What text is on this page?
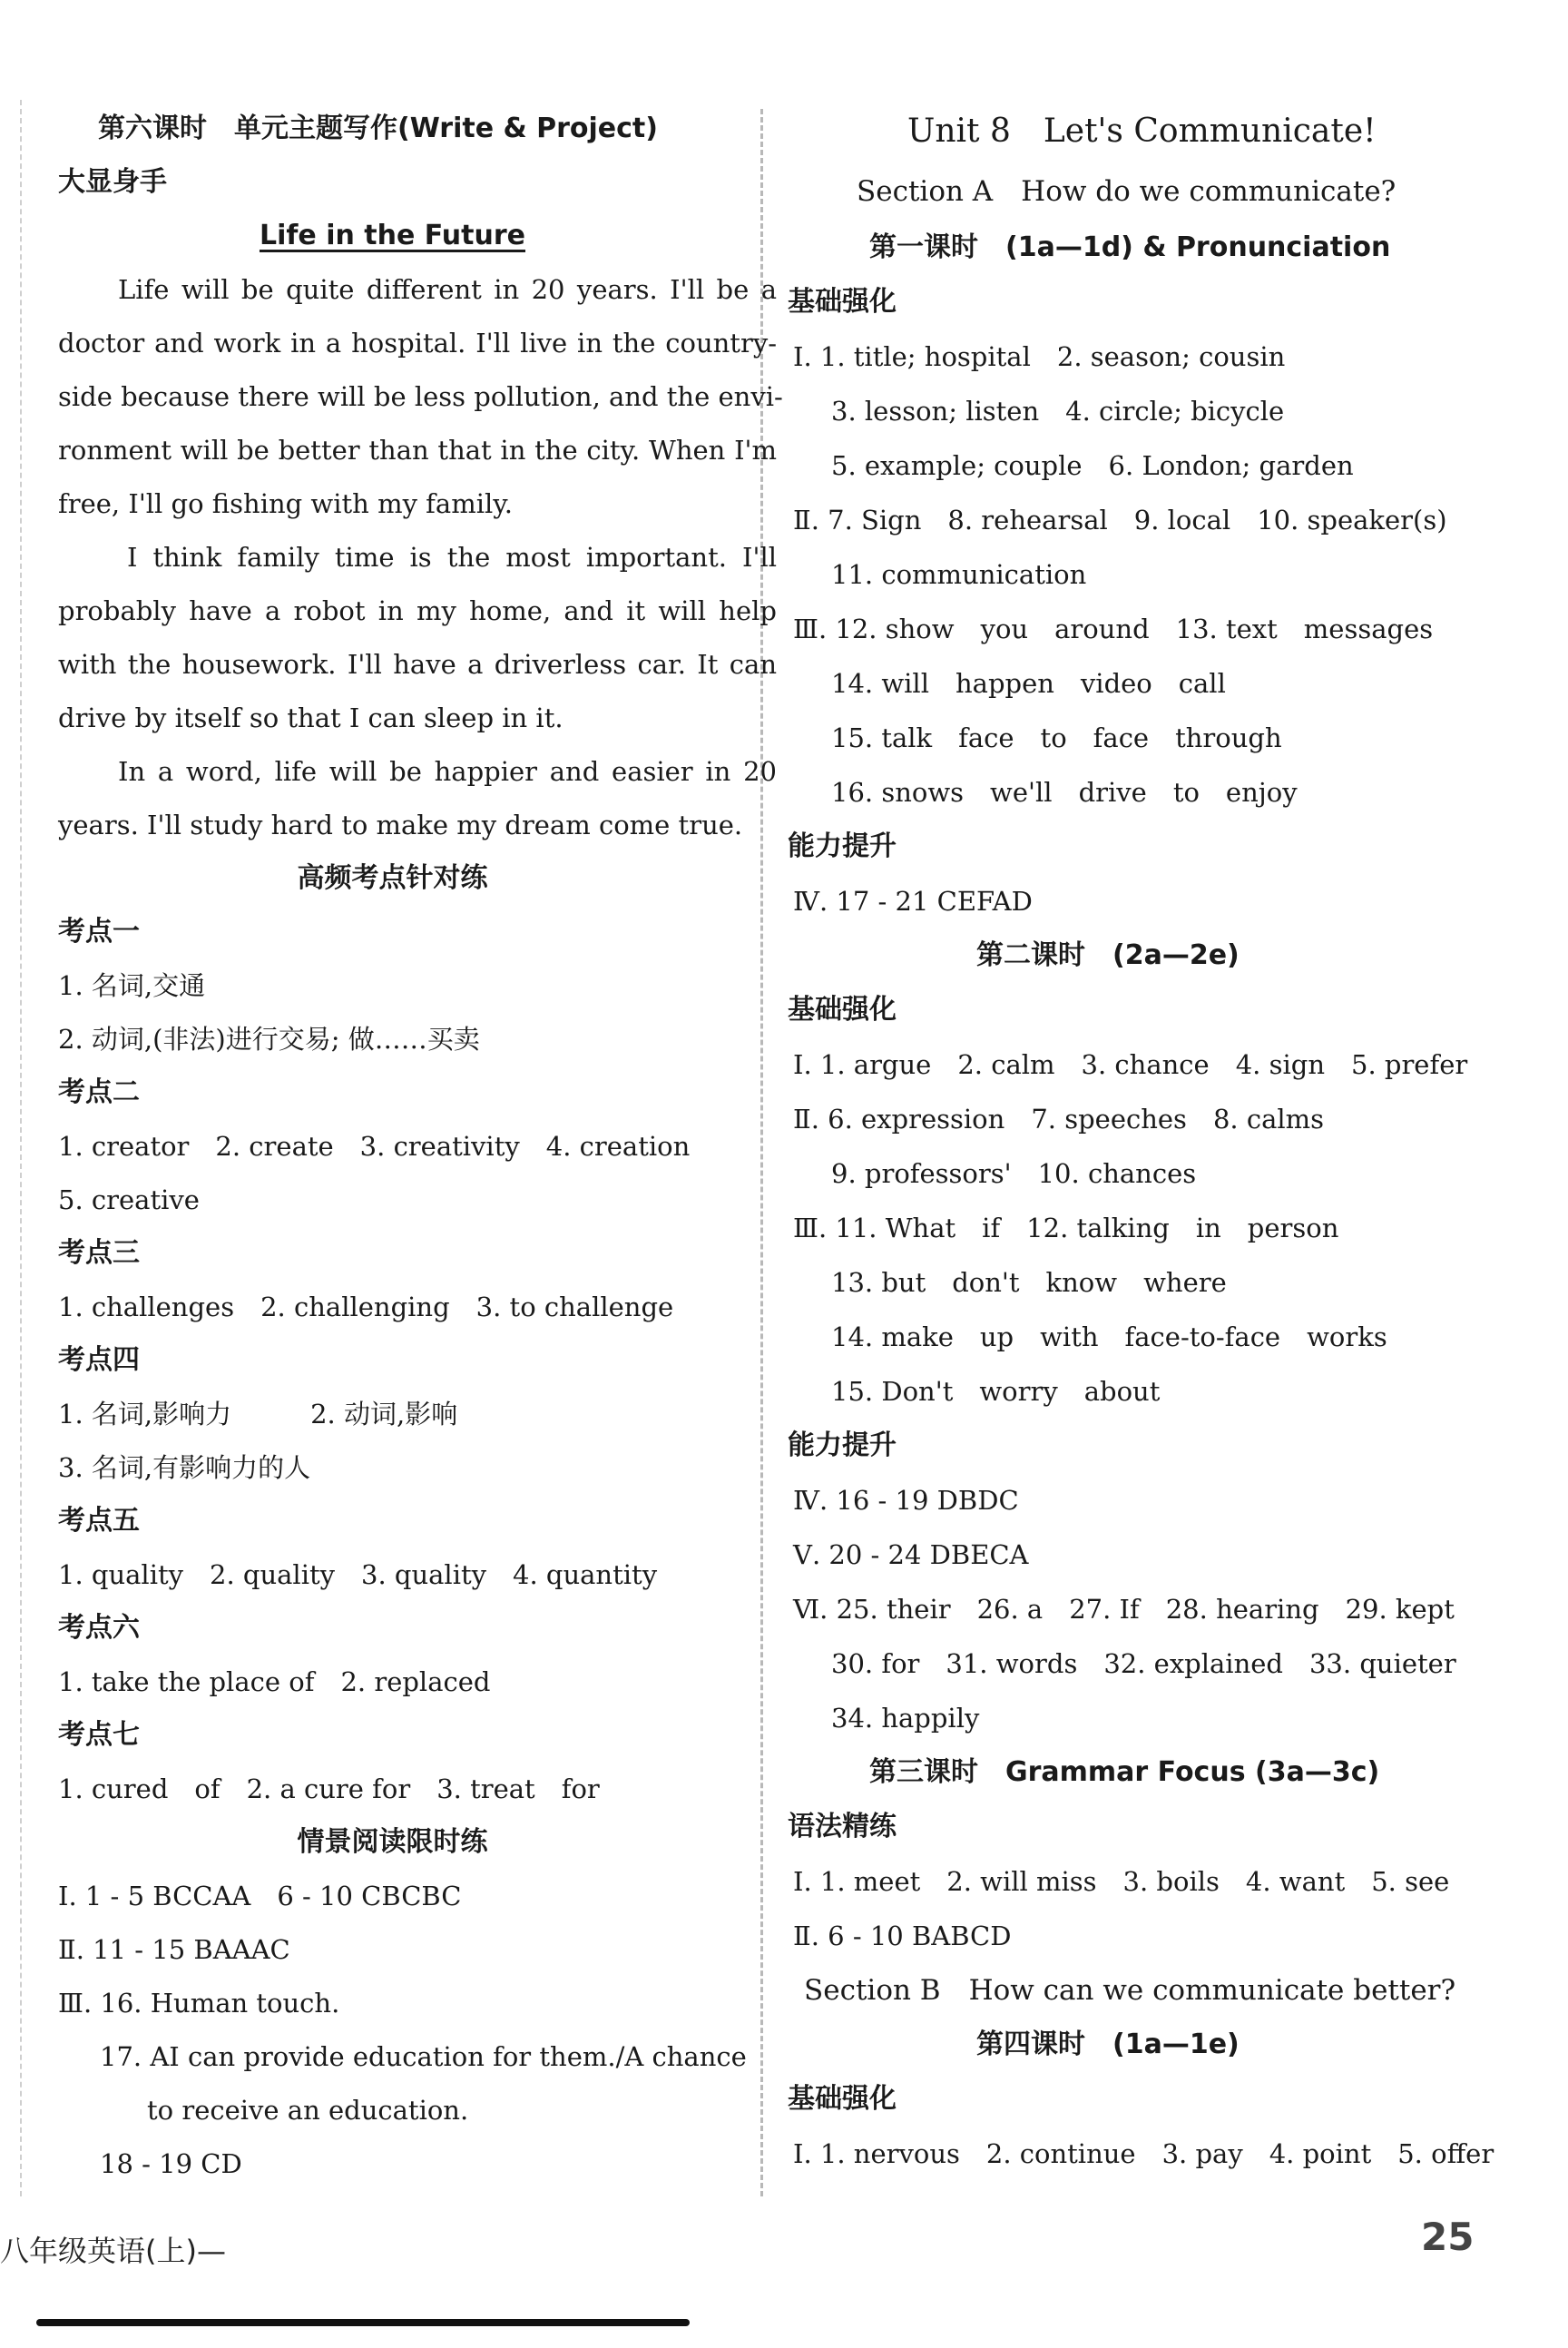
第六课时　单元主题写作(Write & Project)
大显身手
Life in the Future
Life will be quite different in 20 years. I'll be a
doctor and work in a hospital. I'll live in the country-
side because there will be less pollution, and the envi-
ronment will be better than that in the city. When I'm
free, I'll go fishing with my family.
I think family time is the most important. I'll
probably have a robot in my home, and it will help
with the housework. I'll have a driverless car. It can
drive by itself so that I can sleep in it.
In a word, life will be happier and easier in 20
years. I'll study hard to make my dream come true.
高频考点针对练
考点一
1. 名词,交通
2. 动词,(非法)进行交易; 做……买卖
考点二
1. creator　2. create　3. creativity　4. creation
5. creative
考点三
1. challenges　2. challenging　3. to challenge
考点四
1. 名词,影响力　　　2. 动词,影响
3. 名词,有影响力的人
考点五
1. quality　2. quality　3. quality　4. quantity
考点六
1. take the place of　2. replaced
考点七
1. cured　of　2. a cure for　3. treat　for
情景阅读限时练
Ⅰ. 1 - 5 BCCAA　6 - 10 CBCBC
Ⅱ. 11 - 15 BAAAC
Ⅲ. 16. Human touch.
17. AI can provide education for them./A chance
to receive an education.
18 - 19 CD
Unit 8　Let's Communicate!
Section A　How do we communicate?
第一课时　(1a—1d) & Pronunciation
基础强化
Ⅰ. 1. title; hospital　2. season; cousin
3. lesson; listen　4. circle; bicycle
5. example; couple　6. London; garden
Ⅱ. 7. Sign　8. rehearsal　9. local　10. speaker(s)
11. communication
Ⅲ. 12. show　you　around　13. text　messages
14. will　happen　video　call
15. talk　face　to　face　through
16. snows　we'll　drive　to　enjoy
能力提升
Ⅳ. 17 - 21 CEFAD
第二课时　(2a—2e)
基础强化
Ⅰ. 1. argue　2. calm　3. chance　4. sign　5. prefer
Ⅱ. 6. expression　7. speeches　8. calms
9. professors'　10. chances
Ⅲ. 11. What　if　12. talking　in　person
13. but　don't　know　where
14. make　up　with　face-to-face　works
15. Don't　worry　about
能力提升
Ⅳ. 16 - 19 DBDC
Ⅴ. 20 - 24 DBECA
Ⅵ. 25. their　26. a　27. If　28. hearing　29. kept
30. for　31. words　32. explained　33. quieter
34. happily
第三课时　Grammar Focus (3a—3c)
语法精练
Ⅰ. 1. meet　2. will miss　3. boils　4. want　5. see
Ⅱ. 6 - 10 BABCD
Section B　How can we communicate better?
第四课时　(1a—1e)
基础强化
Ⅰ. 1. nervous　2. continue　3. pay　4. point　5. offer
八年级英语(上)—	25
